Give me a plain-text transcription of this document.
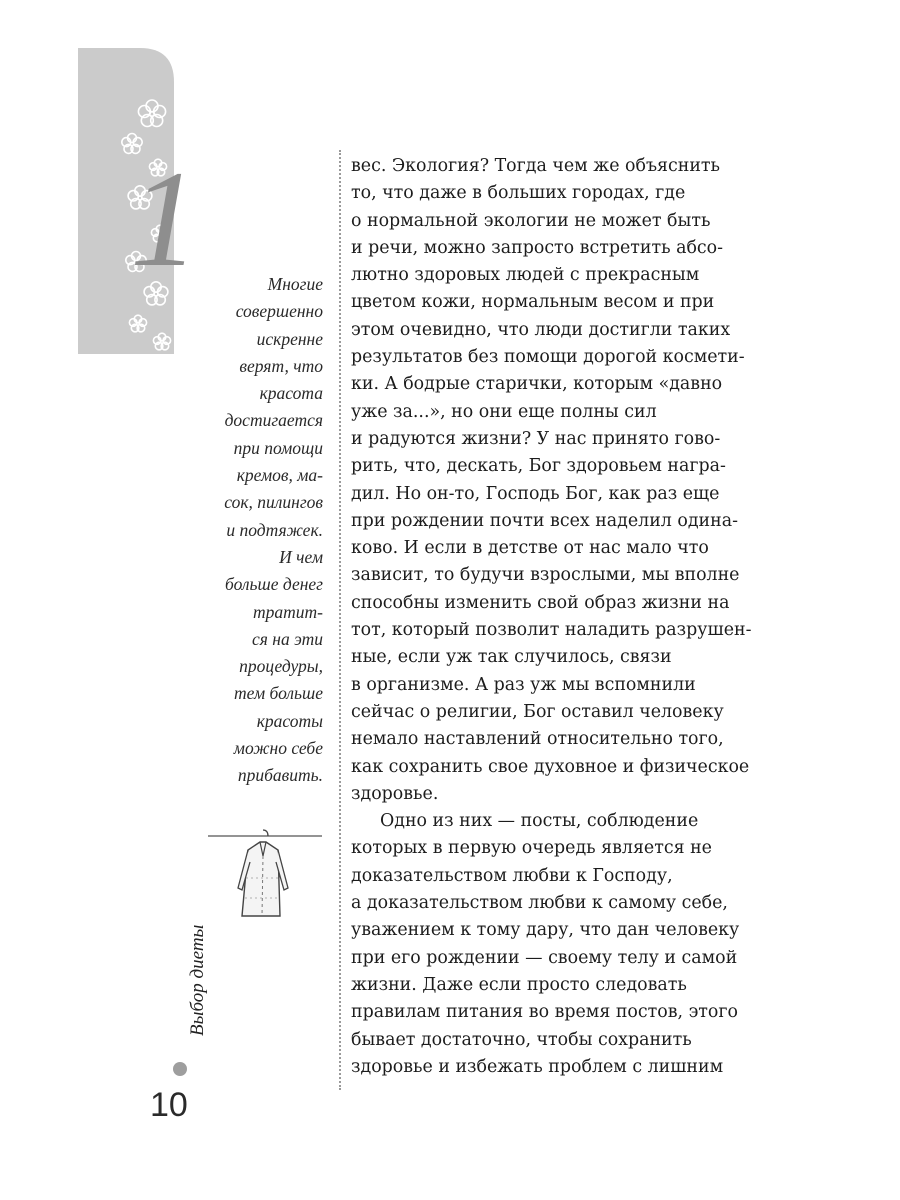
1	Многие
совершенно
искренне
верят, что
красота
достигается
при помощи
кремов, ма-
сок, пилингов
и подтяжек.
И чем
больше денег
тратит-
ся на эти
процедуры,
тем больше
красоты
можно себе
прибавить.
Выбор диеты
10
вес. Экология? Тогда чем же объяснить
то, что даже в больших городах, где
о нормальной экологии не может быть
и речи, можно запросто встретить абсо-
лютно здоровых людей с прекрасным
цветом кожи, нормальным весом и при
этом очевидно, что люди достигли таких
результатов без помощи дорогой космети-
ки. А бодрые старички, которым «давно
уже за...», но они еще полны сил
и радуются жизни? У нас принято гово-
рить, что, дескать, Бог здоровьем награ-
дил. Но он-то, Господь Бог, как раз еще
при рождении почти всех наделил одина-
ково. И если в детстве от нас мало что
зависит, то будучи взрослыми, мы вполне
способны изменить свой образ жизни на
тот, который позволит наладить разрушен-
ные, если уж так случилось, связи
в организме. А раз уж мы вспомнили
сейчас о религии, Бог оставил человеку
немало наставлений относительно того,
как сохранить свое духовное и физическое
здоровье.
Одно из них — посты, соблюдение
которых в первую очередь является не
доказательством любви к Господу,
а доказательством любви к самому себе,
уважением к тому дару, что дан человеку
при его рождении — своему телу и самой
жизни. Даже если просто следовать
правилам питания во время постов, этого
бывает достаточно, чтобы сохранить
здоровье и избежать проблем с лишним
